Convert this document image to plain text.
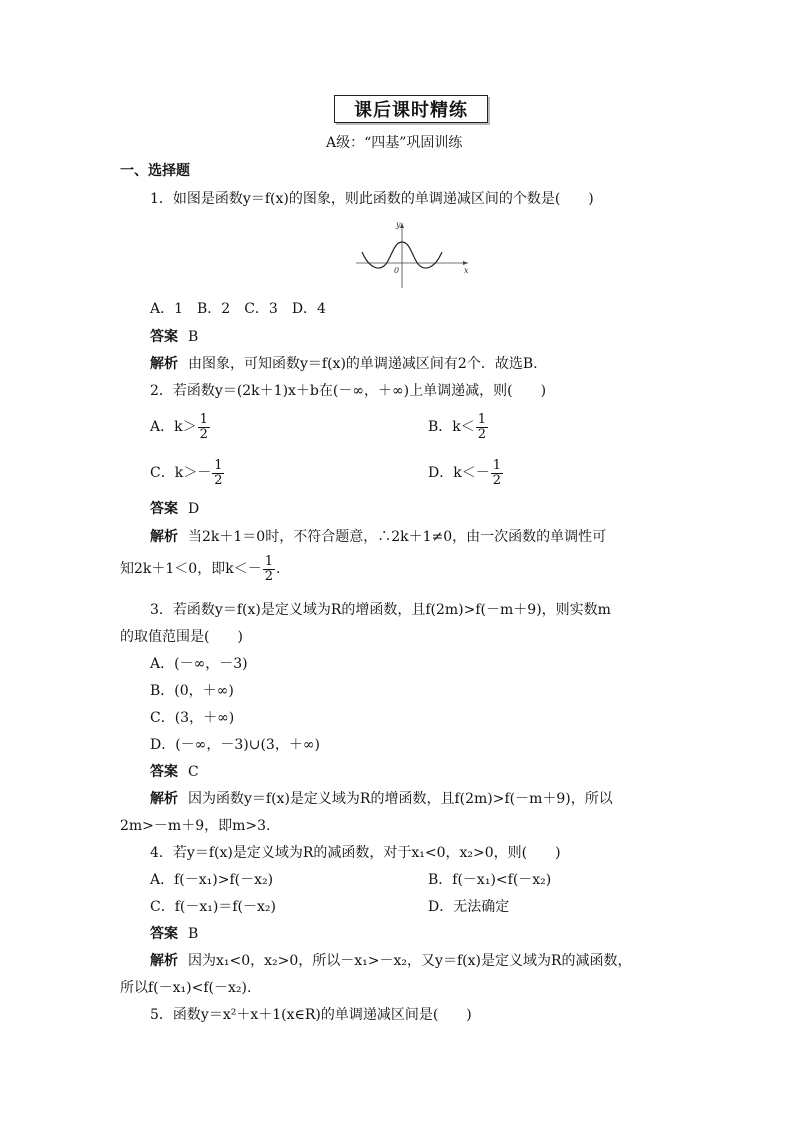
课后课时精练
A级：“四基”巩固训练
一、选择题
1．如图是函数y＝f(x)的图象，则此函数的单调递减区间的个数是(　　)
y
x
0
A．1　B．2　C．3　D．4
答案 B
解析 由图象，可知函数y＝f(x)的单调递减区间有2个．故选B.
2．若函数y＝(2k＋1)x＋b在(－∞，＋∞)上单调递减，则(　　)
A．$k> \frac{1}{2}$	B．$k< \frac{1}{2}$
C．$k>- \frac{1}{2}$	D．$k<- \frac{1}{2}$
答案 D
解析 当2k＋1＝0时，不符合题意，∴2k＋1≠0，由一次函数的单调性可
知2k＋1＜0，即$k<- \frac{1}{2}$ .
3．若函数y＝f(x)是定义域为R的增函数，且f(2m)>f(－m＋9)，则实数m
的取值范围是(　　)
A．(－∞，－3)
B．(0，＋∞)
C．(3，＋∞)
D．(－∞，－3)∪(3，＋∞)
答案 C
解析 因为函数y＝f(x)是定义域为R的增函数，且f(2m)>f(－m＋9)，所以
2m>－m＋9，即m>3.
4．若y＝f(x)是定义域为R的减函数，对于x₁<0，x₂>0，则(　　)
A．f(－x₁)>f(－x₂)	B．f(－x₁)<f(－x₂)
C．f(－x₁)＝f(－x₂)	D．无法确定
答案 B
解析 因为x₁<0，x₂>0，所以－x₁>－x₂，又y＝f(x)是定义域为R的减函数，
所以f(－x₁)<f(－x₂).
5．函数y＝x²＋x＋1(x∈R)的单调递减区间是(　　)
